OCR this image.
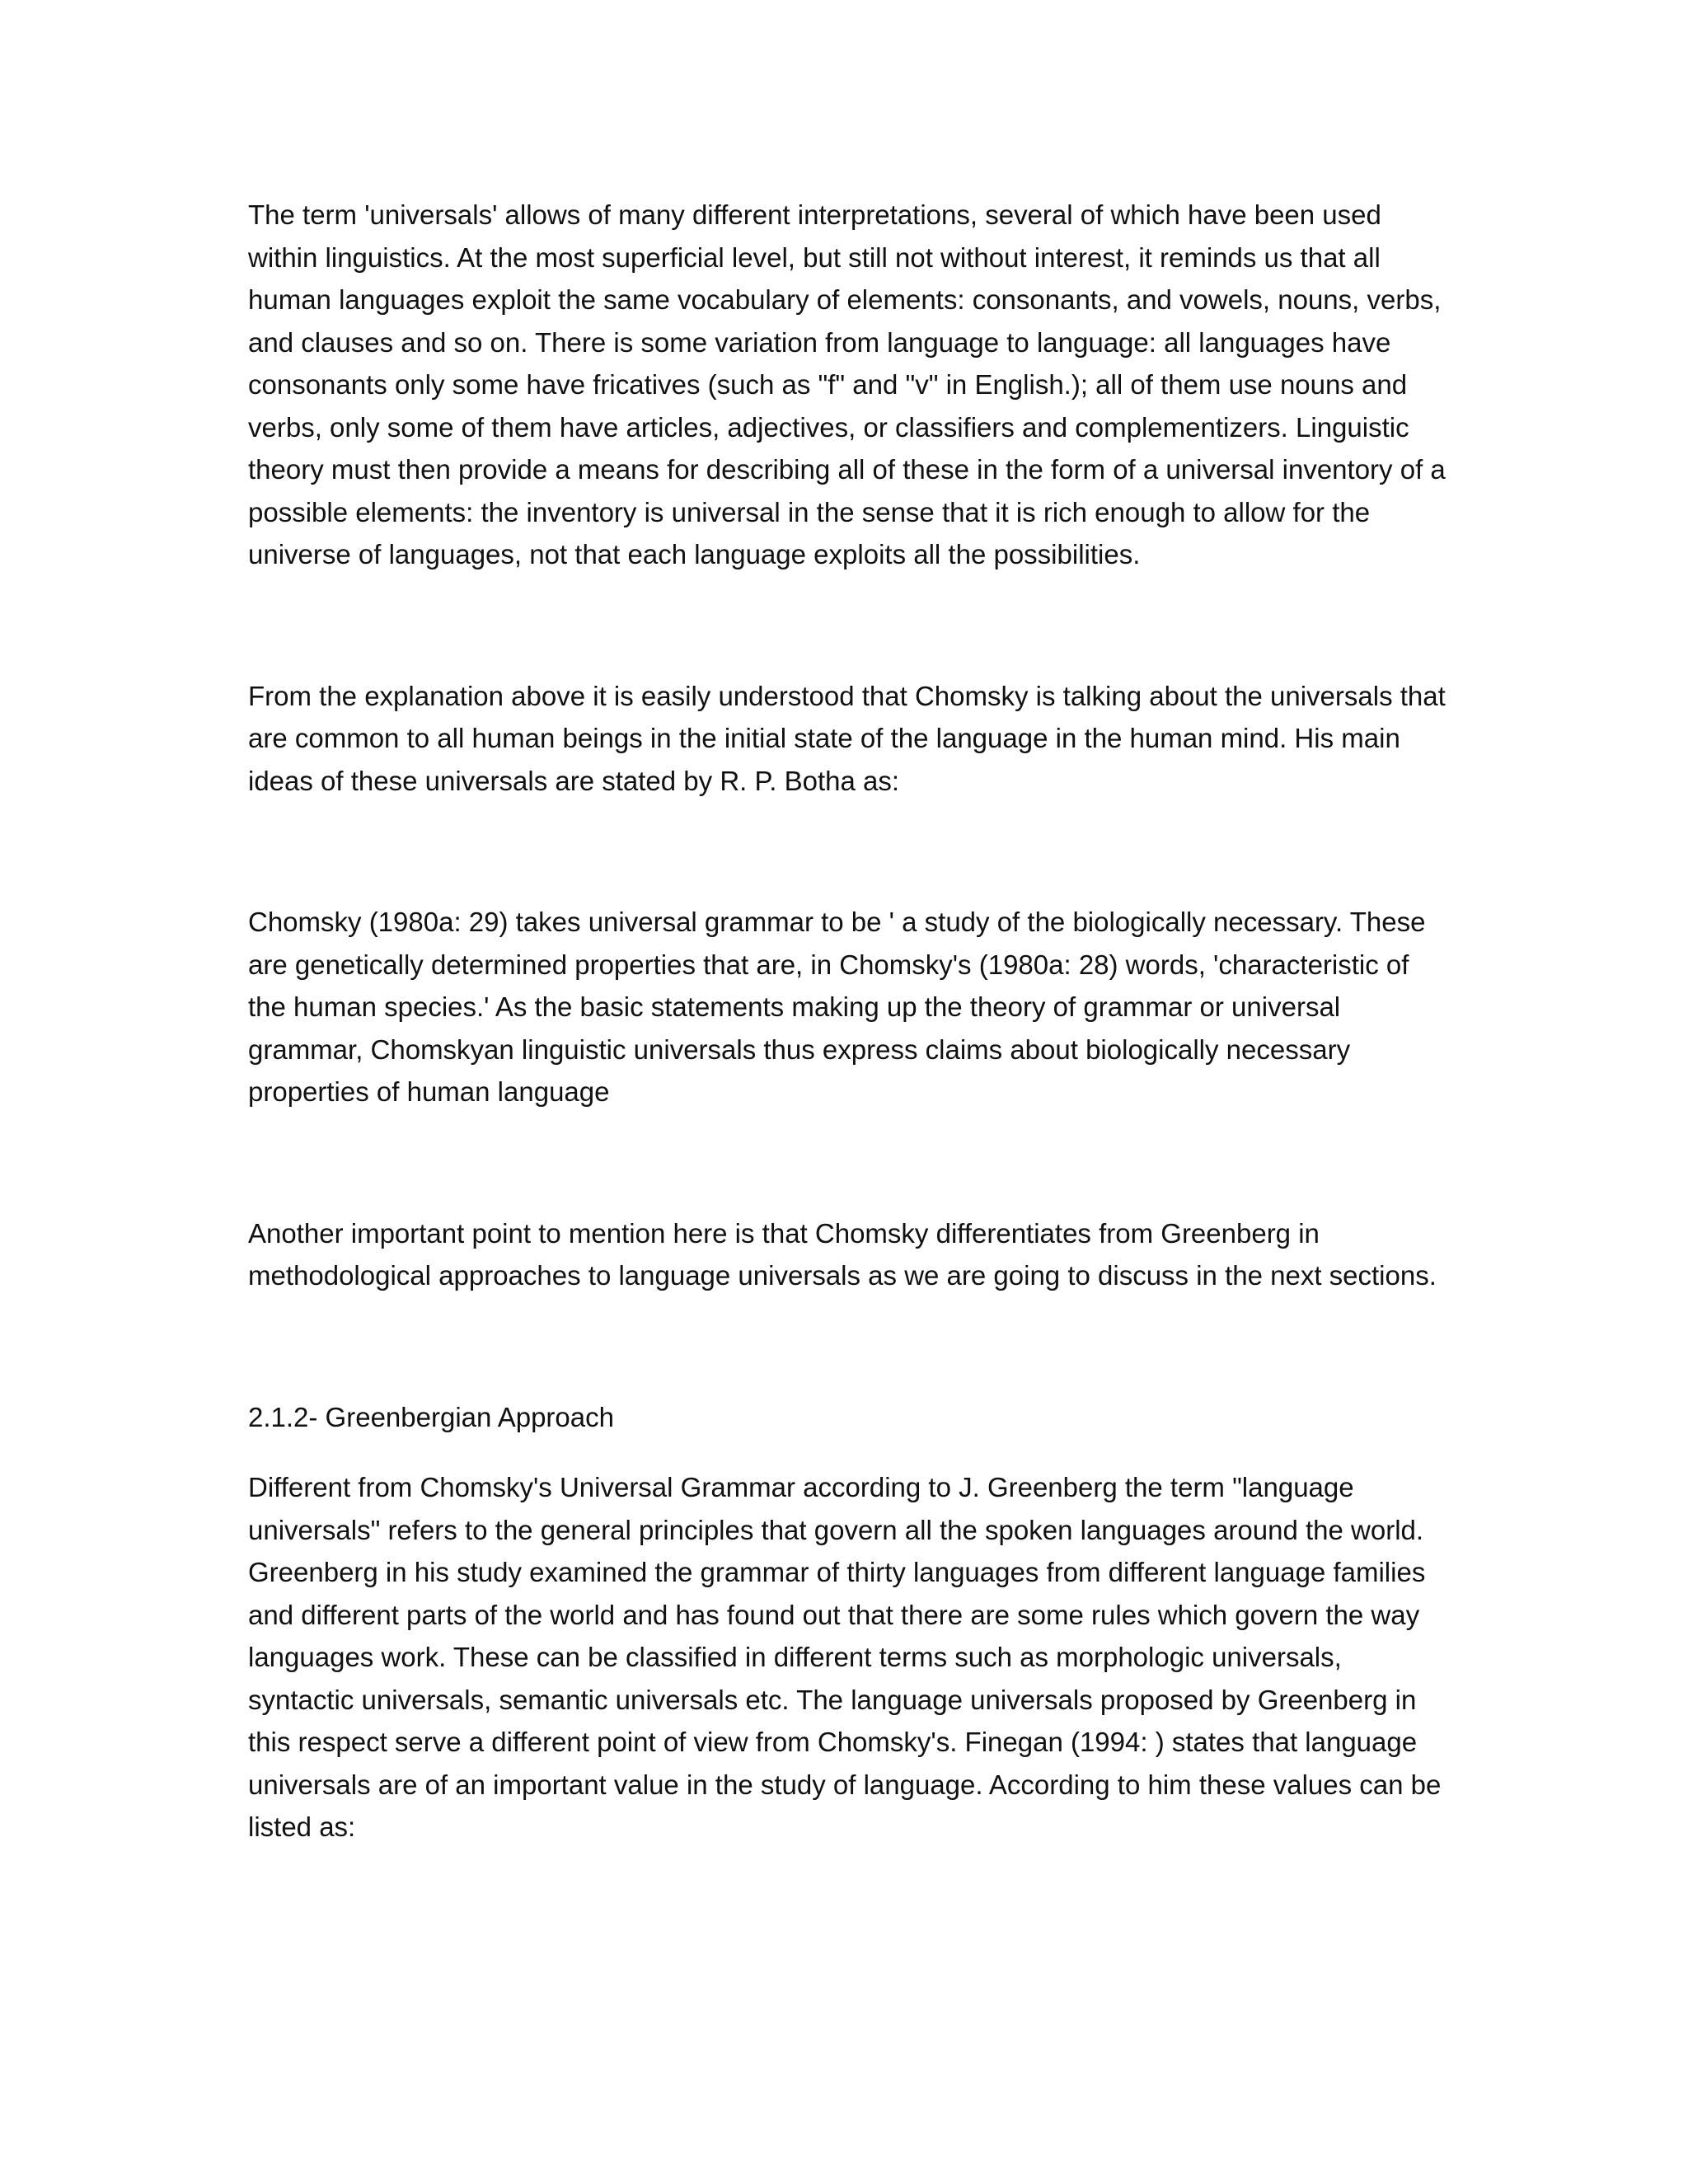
The term 'universals' allows of many different interpretations, several of which have been used within linguistics. At the most superficial level, but still not without interest, it reminds us that all human languages exploit the same vocabulary of elements: consonants, and vowels, nouns, verbs, and clauses and so on. There is some variation from language to language: all languages have consonants only some have fricatives (such as "f" and "v" in English.); all of them use nouns and verbs, only some of them have articles, adjectives, or classifiers and complementizers. Linguistic theory must then provide a means for describing all of these in the form of a universal inventory of a possible elements: the inventory is universal in the sense that it is rich enough to allow for the universe of languages, not that each language exploits all the possibilities.

From the explanation above it is easily understood that Chomsky is talking about the universals that are common to all human beings in the initial state of the language in the human mind. His main ideas of these universals are stated by R. P. Botha as:

Chomsky (1980a: 29) takes universal grammar to be ' a study of the biologically necessary. These are genetically determined properties that are, in Chomsky's (1980a: 28) words, 'characteristic of the human species.' As the basic statements making up the theory of grammar or universal grammar, Chomskyan linguistic universals thus express claims about biologically necessary properties of human language

Another important point to mention here is that Chomsky differentiates from Greenberg in methodological approaches to language universals as we are going to discuss in the next sections.

2.1.2- Greenbergian Approach

Different from Chomsky's Universal Grammar according to J. Greenberg the term "language universals" refers to the general principles that govern all the spoken languages around the world. Greenberg in his study examined the grammar of thirty languages from different language families and different parts of the world and has found out that there are some rules which govern the way languages work. These can be classified in different terms such as morphologic universals, syntactic universals, semantic universals etc. The language universals proposed by Greenberg in this respect serve a different point of view from Chomsky's. Finegan (1994: ) states that language universals are of an important value in the study of language. According to him these values can be listed as:
